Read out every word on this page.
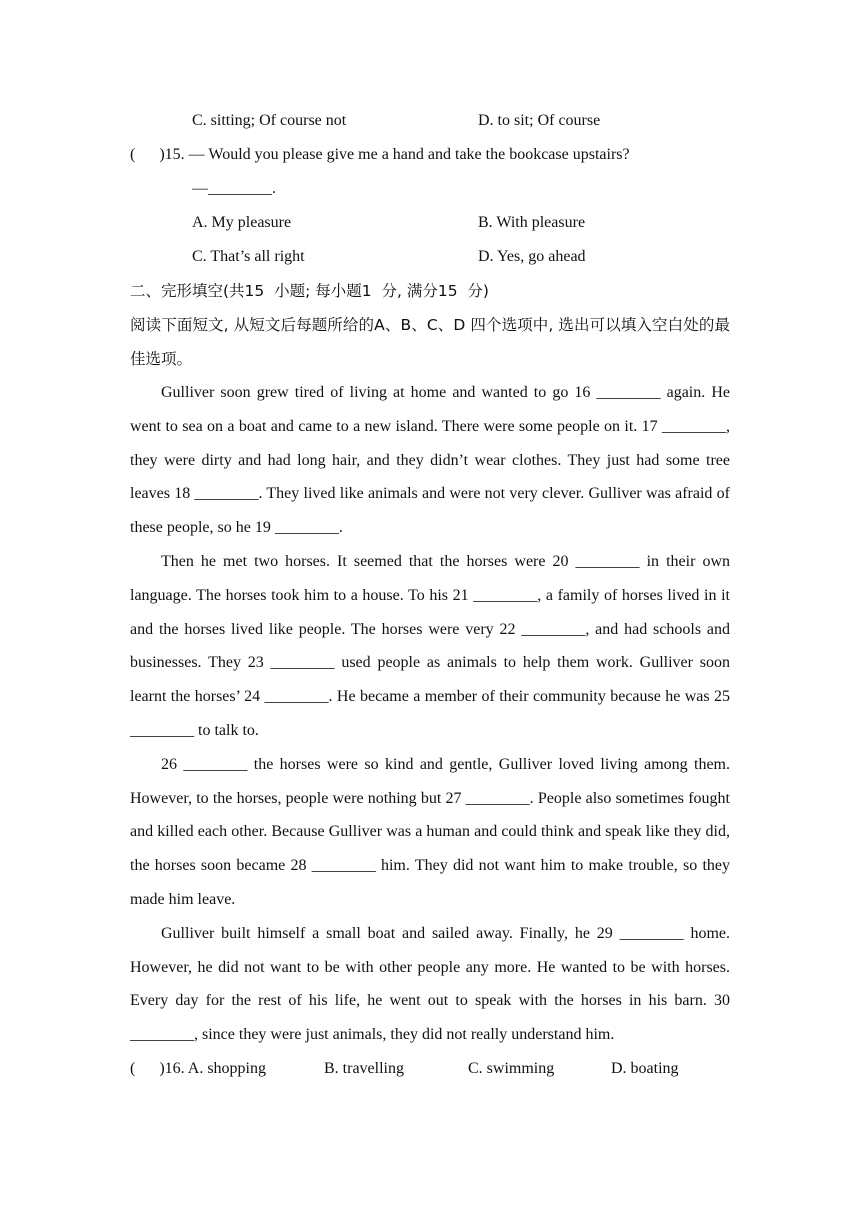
C. sitting; Of course not	D. to sit; Of course
(      )15. — Would you please give me a hand and take the bookcase upstairs?
—________.
A. My pleasure	B. With pleasure
C. That’s all right	D. Yes, go ahead
二、完形填空(共15  小题; 每小题1  分, 满分15  分)
阅读下面短文, 从短文后每题所给的A、B、C、D 四个选项中, 选出可以填入空白处的最佳选项。

Gulliver soon grew tired of living at home and wanted to go 16 ________ again. He went to sea on a boat and came to a new island. There were some people on it. 17 ________, they were dirty and had long hair, and they didn’t wear clothes. They just had some tree leaves 18 ________. They lived like animals and were not very clever. Gulliver was afraid of these people, so he 19 ________.

Then he met two horses. It seemed that the horses were 20 ________ in their own language. The horses took him to a house. To his 21 ________, a family of horses lived in it and the horses lived like people. The horses were very 22 ________, and had schools and businesses. They 23 ________ used people as animals to help them work. Gulliver soon learnt the horses’ 24 ________. He became a member of their community because he was 25 ________ to talk to.

26 ________ the horses were so kind and gentle, Gulliver loved living among them. However, to the horses, people were nothing but 27 ________. People also sometimes fought and killed each other. Because Gulliver was a human and could think and speak like they did, the horses soon became 28 ________ him. They did not want him to make trouble, so they made him leave.

Gulliver built himself a small boat and sailed away. Finally, he 29 ________ home. However, he did not want to be with other people any more. He wanted to be with horses. Every day for the rest of his life, he went out to speak with the horses in his barn. 30 ________, since they were just animals, they did not really understand him.

(      )16. A. shopping	B. travelling	C. swimming	D. boating
